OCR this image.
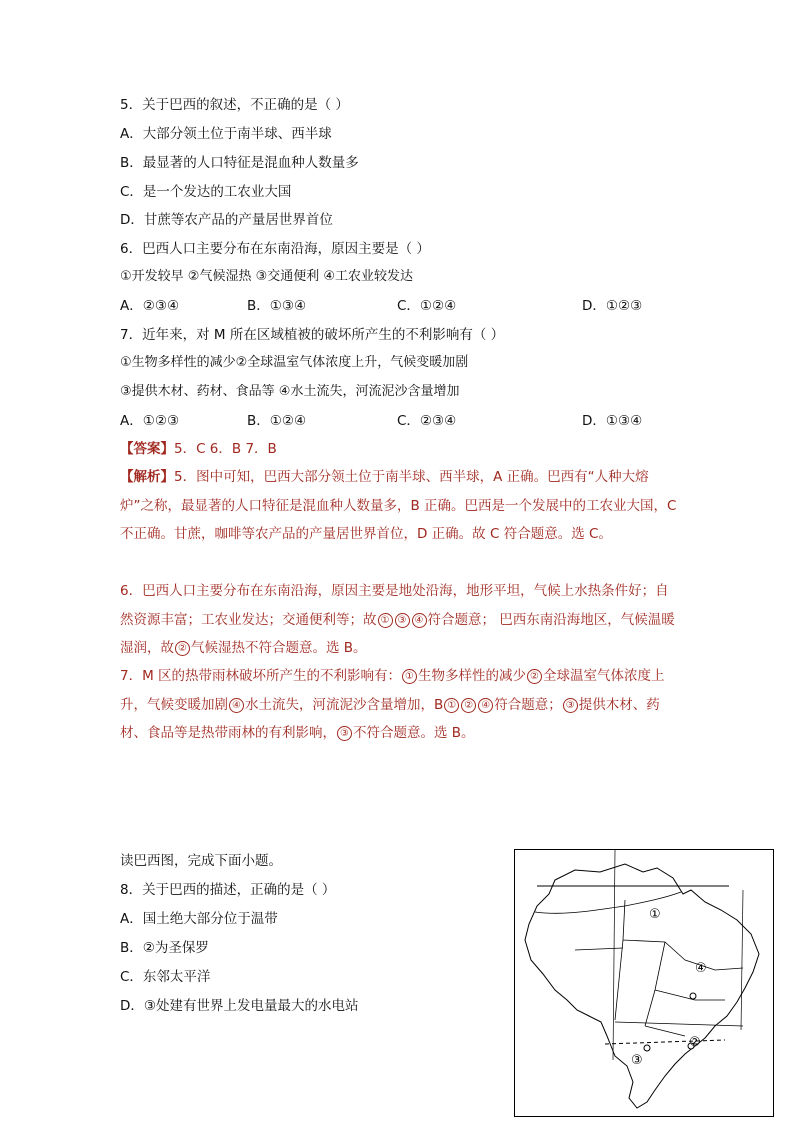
5．关于巴西的叙述，不正确的是（ ）
A．大部分领土位于南半球、西半球
B．最显著的人口特征是混血种人数量多
C．是一个发达的工农业大国
D．甘蔗等农产品的产量居世界首位
6．巴西人口主要分布在东南沿海，原因主要是（ ）
①开发较早 ②气候湿热 ③交通便利 ④工农业较发达
A．②③④	B．①③④	C．①②④	D．①②③
7．近年来，对 M 所在区域植被的破坏所产生的不利影响有（ ）
①生物多样性的减少②全球温室气体浓度上升，气候变暖加剧
③提供木材、药材、食品等 ④水土流失，河流泥沙含量增加
A．①②③	B．①②④	C．②③④	D．①③④
【答案】5．C 6．B 7．B
【解析】5．图中可知，巴西大部分领土位于南半球、西半球，A 正确。巴西有“人种大熔炉”之称，最显著的人口特征是混血种人数量多，B 正确。巴西是一个发展中的工农业大国，C 不正确。甘蔗，咖啡等农产品的产量居世界首位，D 正确。故 C 符合题意。选 C。
6．巴西人口主要分布在东南沿海，原因主要是地处沿海，地形平坦，气候上水热条件好；自然资源丰富；工农业发达；交通便利等；故 ① ③ ④ 符合题意； 巴西东南沿海地区，气候温暖湿润，故 ② 气候湿热不符合题意。选 B。
7．M 区的热带雨林破坏所产生的不利影响有： ① 生物多样性的减少 ② 全球温室气体浓度上升，气候变暖加剧 ④ 水土流失，河流泥沙含量增加，B ① ② ④ 符合题意； ③ 提供木材、药材、食品等是热带雨林的有利影响， ③ 不符合题意。选 B。
读巴西图，完成下面小题。
8．关于巴西的描述，正确的是（ ）
A．国土绝大部分位于温带
B．②为圣保罗
C．东邻太平洋
D．③处建有世界上发电量最大的水电站
①
②
③
④
